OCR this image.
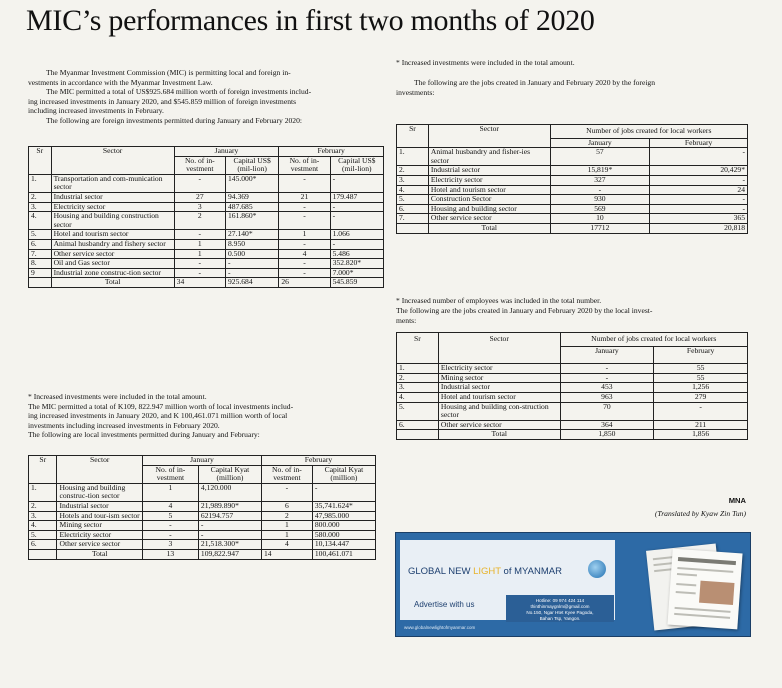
MIC’s performances in first two months of 2020
The Myanmar Investment Commission (MIC) is permitting local and foreign in-
vestments in accordance with the Myanmar Investment Law.
The MIC permitted a total of US$925.684 million worth of foreign investments includ-
ing increased investments in January 2020, and $545.859 million of foreign investments
including increased investments in February.
The following are foreign investments permitted during January and February 2020:
Sr	Sector	January		February	
		No. of in-vestment	Capital US$ (mil-lion)	No. of in-vestment	Capital US$ (mil-lion)
1.	Transportation and com-munication sector	-	145.000*	-	-
2.	Industrial sector	27	94.369	21	179.487
3.	Electricity sector	3	487.685	-	-
4.	Housing and building construction sector	2	161.860*	-	-
5.	Hotel and tourism sector	-	27.140*	1	1.066
6.	Animal husbandry and fishery sector	1	8.950	-	-
7.	Other service sector	1	0.500	4	5.486
8.	Oil and Gas sector	-	-	-	352.820*
9	Industrial zone construc-tion sector	-	-	-	7.000*
	Total	34	925.684	26	545.859
* Increased investments were included in the total amount.
The MIC permitted a total of K109, 822.947 million worth of local investments includ-
ing increased investments in January 2020, and K 100,461.071 million worth of local
investments including increased investments in February 2020.
The following are local investments permitted during January and February:
Sr	Sector	January		February	
		No. of in-vestment	Capital Kyat (million)	No. of in-vestment	Capital Kyat (million)
1.	Housing and building construc-tion sector	1	4,120.000	-	-
2.	Industrial sector	4	21,989.890*	6	35,741.624*
3.	Hotels and tour-ism sector	5	62194.757	2	47,985.000
4.	Mining sector	-	-	1	800.000
5.	Electricity sector	-	-	1	580.000
6.	Other service sector	3	21,518.300*	4	10,134.447
	Total	13	109,822.947	14	100,461.071
* Increased investments were included in the total amount.
The following are the jobs created in January and February 2020 by the foreign
investments:
Sr	Sector	Number of jobs created for local workers	
		January	February
1.	Animal husbandry and fisher-ies sector	57	-
2.	Industrial sector	15,819*	20,429*
3.	Electricity sector	327	-
4.	Hotel and tourism sector	-	24
5.	Construction Sector	930	-
6.	Housing and building sector	569	-
7.	Other service sector	10	365
	Total	17712	20,818
* Increased number of employees was included in the total number.
The following are the jobs created in January and February 2020 by the local invest-
ments:
Sr	Sector	Number of jobs created for local workers	
		January	February
1.	Electricity sector	-	55
2.	Mining sector	-	55
3.	Industrial sector	453	1,256
4.	Hotel and tourism sector	963	279
5.	Housing and building con-struction sector	70	-
6.	Other service sector	364	211
	Total	1,850	1,856
MNA
(Translated by Kyaw Zin Tun)
GLOBAL NEW LIGHT of MYANMAR
Advertise with us	Hotline: 09 974 424 114
thinthinmaygnlm@gmail.com
No.150, Ngar Htet Kyee Pagoda,
Bahan Tsp, Yangon.
www.globalnewlightofmyanmar.com
